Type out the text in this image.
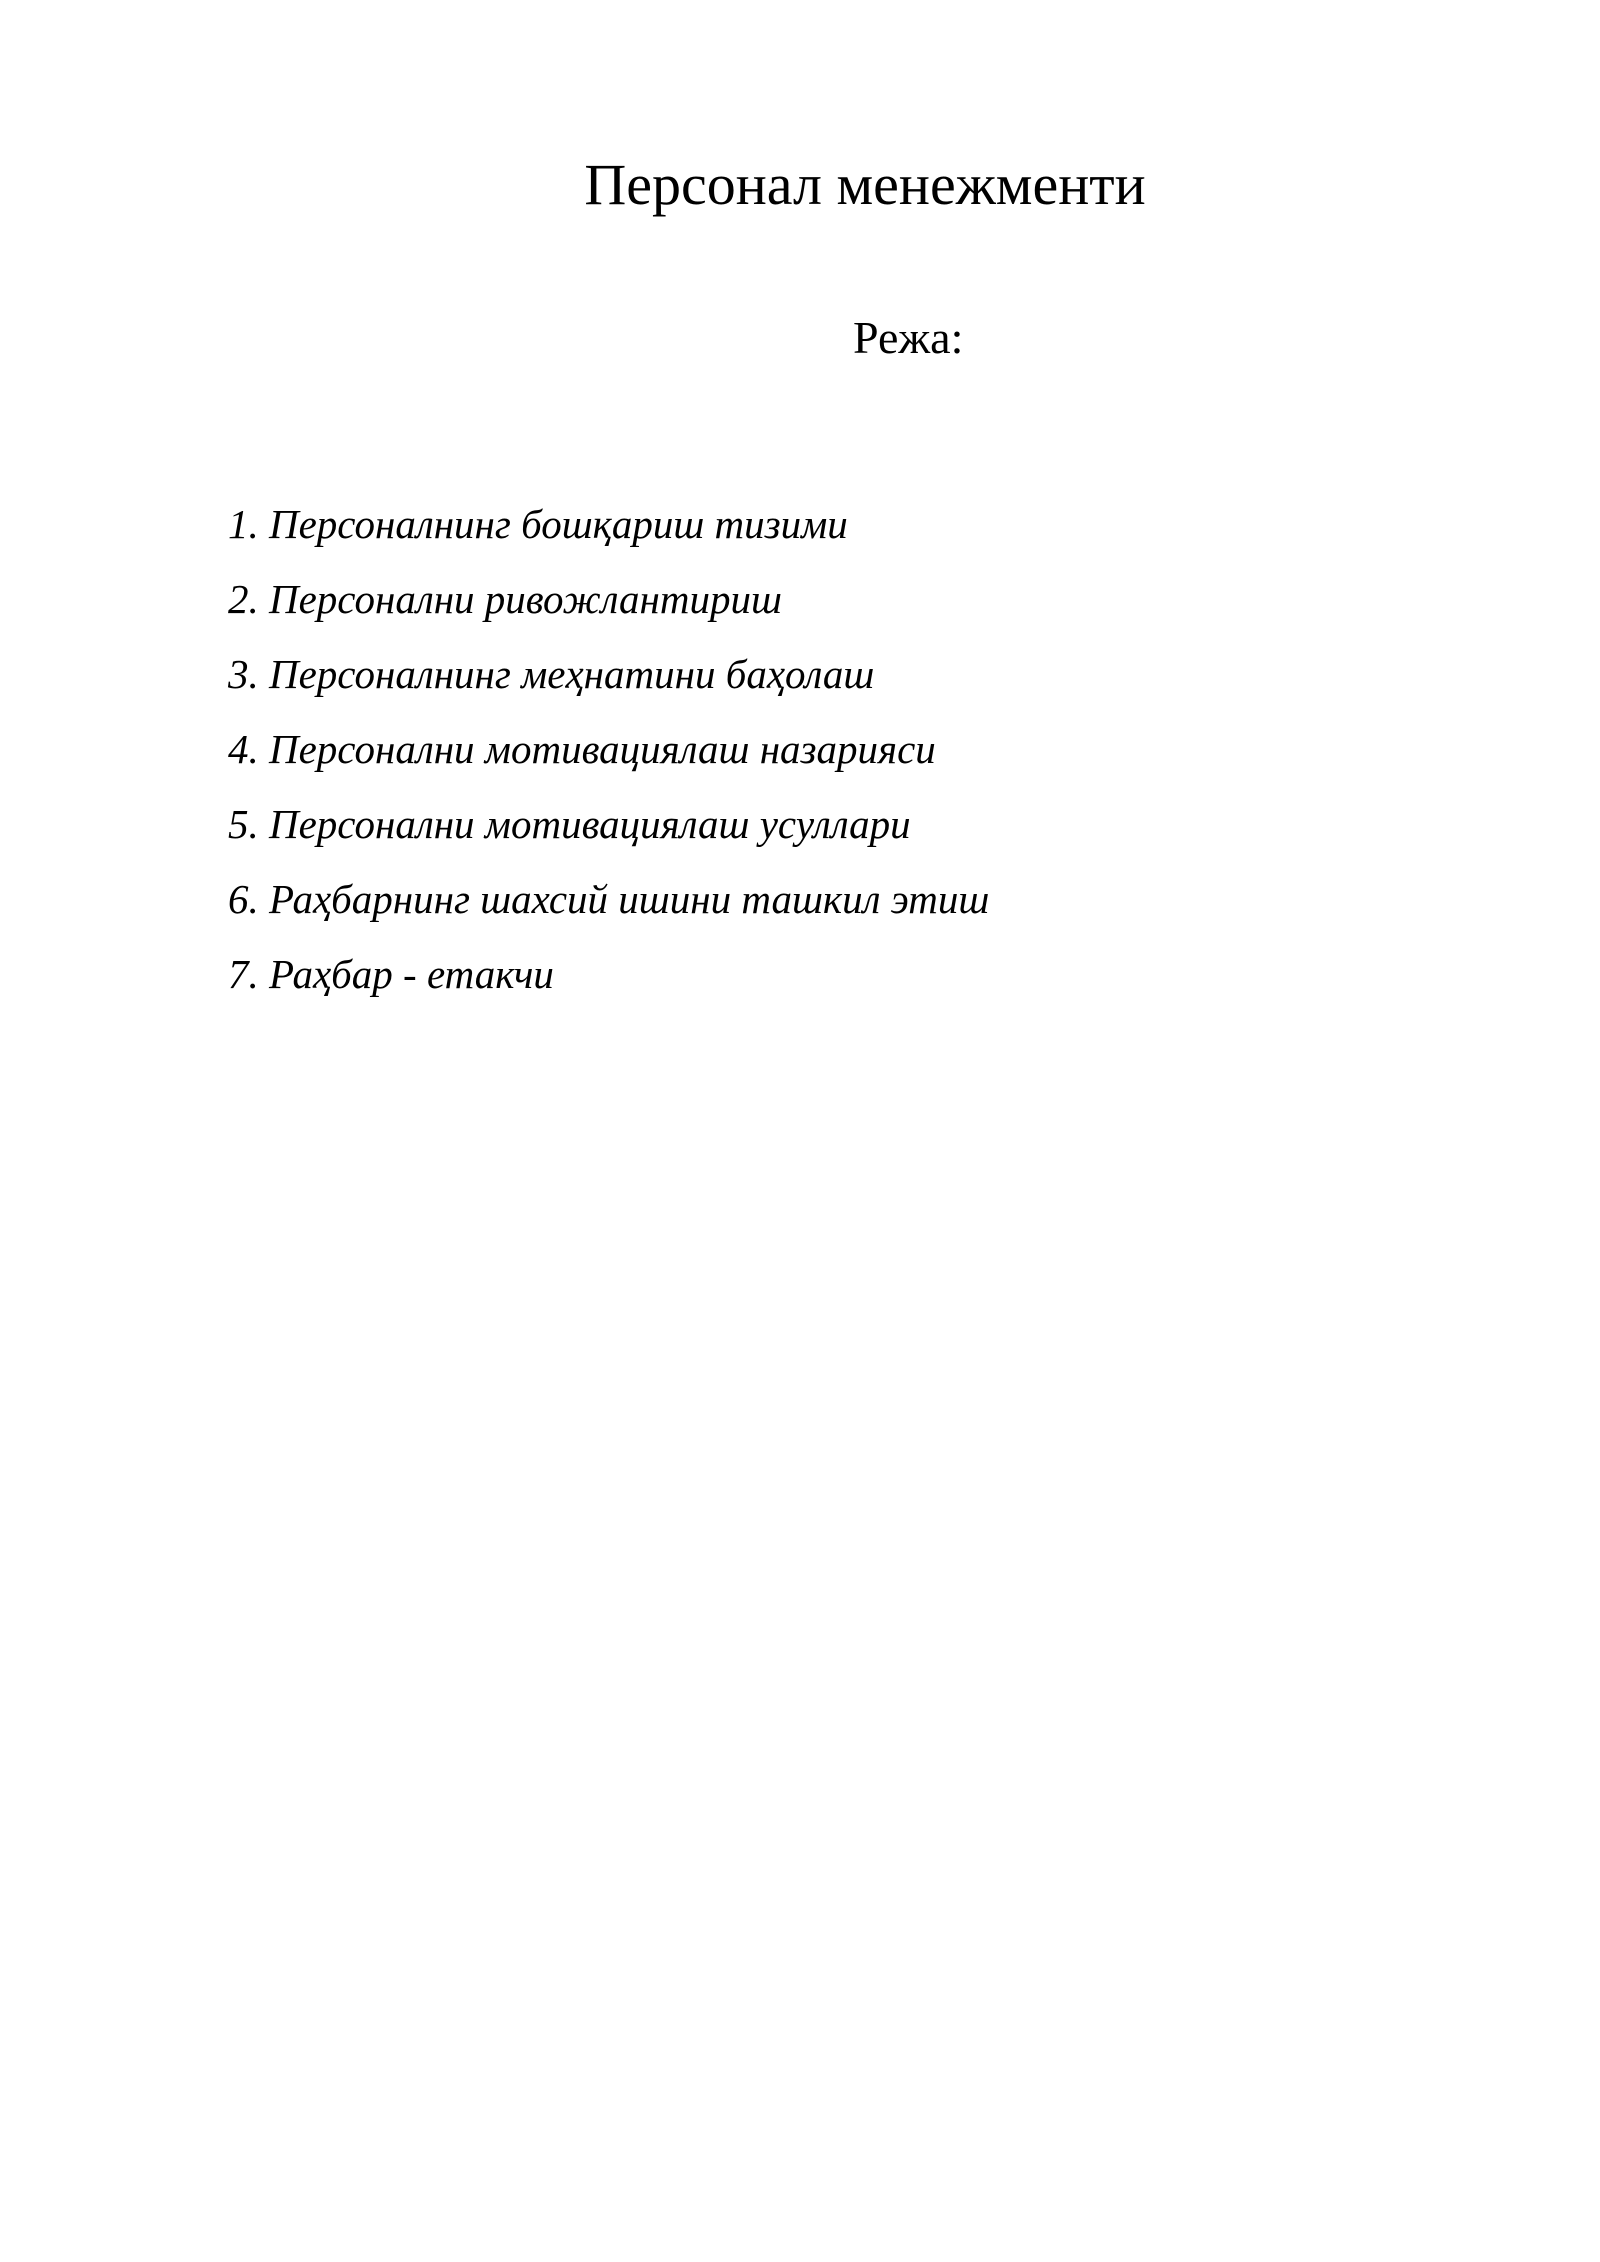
Персонал менежменти

Режа:

1. Персоналнинг бошқариш тизими
2. Персонални ривожлантириш
3. Персоналнинг меҳнатини баҳолаш
4. Персонални мотивациялаш назарияси
5. Персонални мотивациялаш усуллари
6. Раҳбарнинг шахсий ишини ташкил этиш
7. Раҳбар - етакчи
